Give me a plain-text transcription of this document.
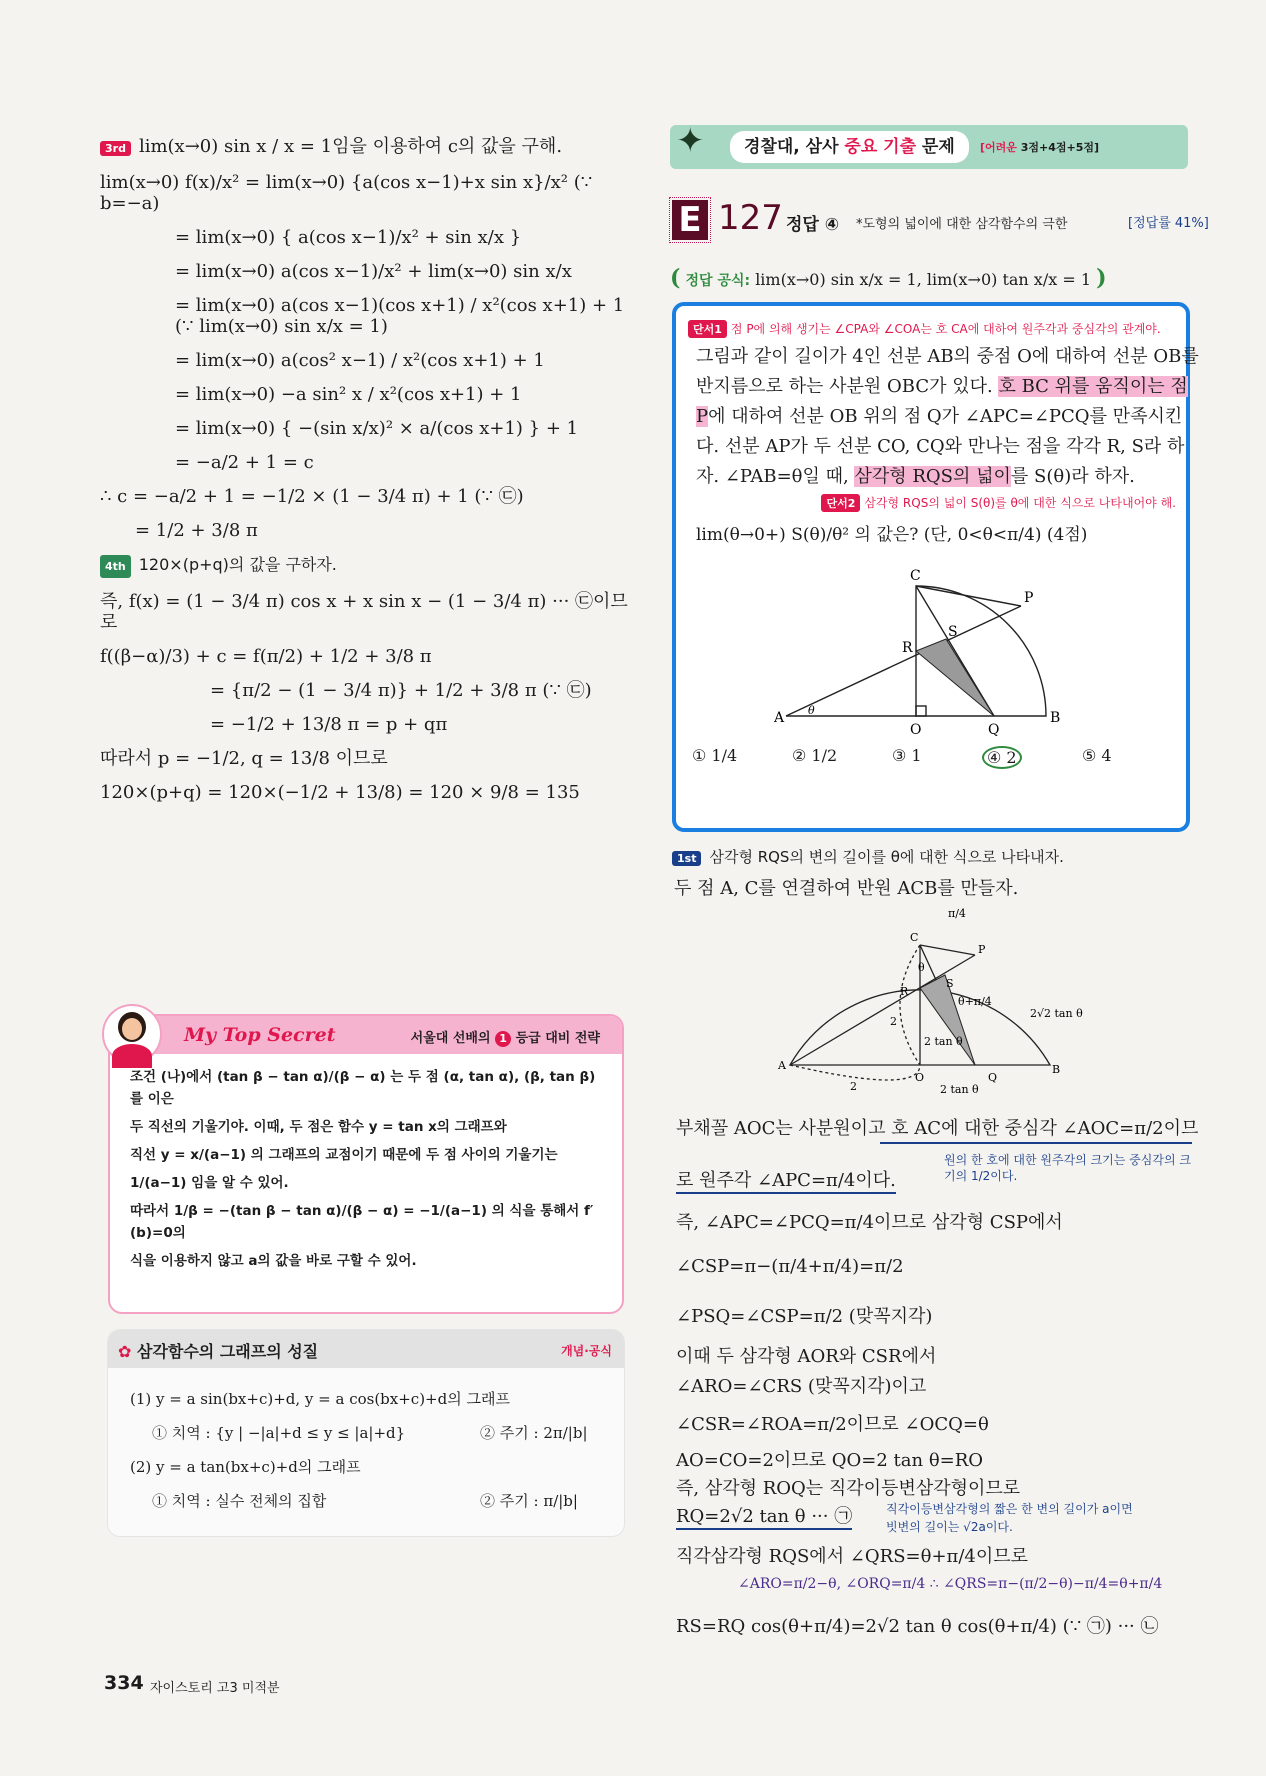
3rd lim(x→0) sin x / x = 1임을 이용하여 c의 값을 구해.
lim(x→0) f(x)/x² = lim(x→0) {a(cos x−1)+x sin x}/x² (∵ b=−a)
= lim(x→0) { a(cos x−1)/x² + sin x/x }
= lim(x→0) a(cos x−1)/x² + lim(x→0) sin x/x
= lim(x→0) a(cos x−1)(cos x+1) / x²(cos x+1) + 1 (∵ lim(x→0) sin x/x = 1)
= lim(x→0) a(cos² x−1) / x²(cos x+1) + 1
= lim(x→0) −a sin² x / x²(cos x+1) + 1
= lim(x→0) { −(sin x/x)² × a/(cos x+1) } + 1
= −a/2 + 1 = c
∴ c = −a/2 + 1 = −1/2 × (1 − 3/4 π) + 1 (∵ ㉢)
= 1/2 + 3/8 π
4th 120×(p+q)의 값을 구하자.
즉, f(x) = (1 − 3/4 π) cos x + x sin x − (1 − 3/4 π) ··· ㉢이므로
f((β−α)/3) + c = f(π/2) + 1/2 + 3/8 π
= {π/2 − (1 − 3/4 π)} + 1/2 + 3/8 π (∵ ㉢)
= −1/2 + 13/8 π = p + qπ
따라서 p = −1/2, q = 13/8 이므로
120×(p+q) = 120×(−1/2 + 13/8) = 120 × 9/8 = 135
My Top Secret	서울대 선배의 1 등급 대비 전략
조건 (나)에서 (tan β − tan α)/(β − α) 는 두 점 (α, tan α), (β, tan β)를 이은
두 직선의 기울기야. 이때, 두 점은 함수 y = tan x의 그래프와
직선 y = x/(a−1) 의 그래프의 교점이기 때문에 두 점 사이의 기울기는
1/(a−1) 임을 알 수 있어.
따라서 1/β = −(tan β − tan α)/(β − α) = −1/(a−1) 의 식을 통해서 f′(b)=0의
식을 이용하지 않고 a의 값을 바로 구할 수 있어.
✿ 삼각함수의 그래프의 성질	개념·공식
(1) y = a sin(bx+c)+d, y = a cos(bx+c)+d의 그래프
① 치역 : {y | −|a|+d ≤ y ≤ |a|+d}	② 주기 : 2π/|b|
(2) y = a tan(bx+c)+d의 그래프
① 치역 : 실수 전체의 집합	② 주기 : π/|b|
334 자이스토리 고3 미적분
✦	경찰대, 삼사 중요 기출 문제	[어려운 3점+4점+5점]
E 127 정답 ④ *도형의 넓이에 대한 삼각함수의 극한	[정답률 41%]
( 정답 공식: lim(x→0) sin x/x = 1, lim(x→0) tan x/x = 1 )
단서1 점 P에 의해 생기는 ∠CPA와 ∠COA는 호 CA에 대하여 원주각과 중심각의 관계야.
그림과 같이 길이가 4인 선분 AB의 중점 O에 대하여 선분 OB를
반지름으로 하는 사분원 OBC가 있다. 호 BC 위를 움직이는 점
P에 대하여 선분 OB 위의 점 Q가 ∠APC=∠PCQ를 만족시킨
다. 선분 AP가 두 선분 CO, CQ와 만나는 점을 각각 R, S라 하
자. ∠PAB=θ일 때, 삼각형 RQS의 넓이를 S(θ)라 하자.
단서2 삼각형 RQS의 넓이 S(θ)를 θ에 대한 식으로 나타내어야 해.
lim(θ→0+) S(θ)/θ² 의 값은? (단, 0<θ<π/4) (4점)
A
O	Q
B
C
P
R
S
θ
① 1/4	② 1/2	③ 1	④ 2	⑤ 4
1st 삼각형 RQS의 변의 길이를 θ에 대한 식으로 나타내자.
두 점 A, C를 연결하여 반원 ACB를 만들자.
π/4
C
P
θ
R
S
θ+π/4
2√2 tan θ
2
2 tan θ
A
O	Q
B
2	2 tan θ
부채꼴 AOC는 사분원이고 호 AC에 대한 중심각 ∠AOC=π/2이므
로 원주각 ∠APC=π/4이다.
원의 한 호에 대한 원주각의 크기는 중심각의 크기의 1/2이다.
즉, ∠APC=∠PCQ=π/4이므로 삼각형 CSP에서
∠CSP=π−(π/4+π/4)=π/2
∠PSQ=∠CSP=π/2 (맞꼭지각)
이때 두 삼각형 AOR와 CSR에서
∠ARO=∠CRS (맞꼭지각)이고
∠CSR=∠ROA=π/2이므로 ∠OCQ=θ
AO=CO=2이므로 QO=2 tan θ=RO
즉, 삼각형 ROQ는 직각이등변삼각형이므로
RQ=2√2 tan θ ··· ㉠	직각이등변삼각형의 짧은 한 변의 길이가 a이면
빗변의 길이는 √2a이다.
직각삼각형 RQS에서 ∠QRS=θ+π/4이므로
∠ARO=π/2−θ, ∠ORQ=π/4 ∴ ∠QRS=π−(π/2−θ)−π/4=θ+π/4
RS=RQ cos(θ+π/4)=2√2 tan θ cos(θ+π/4) (∵ ㉠) ··· ㉡
